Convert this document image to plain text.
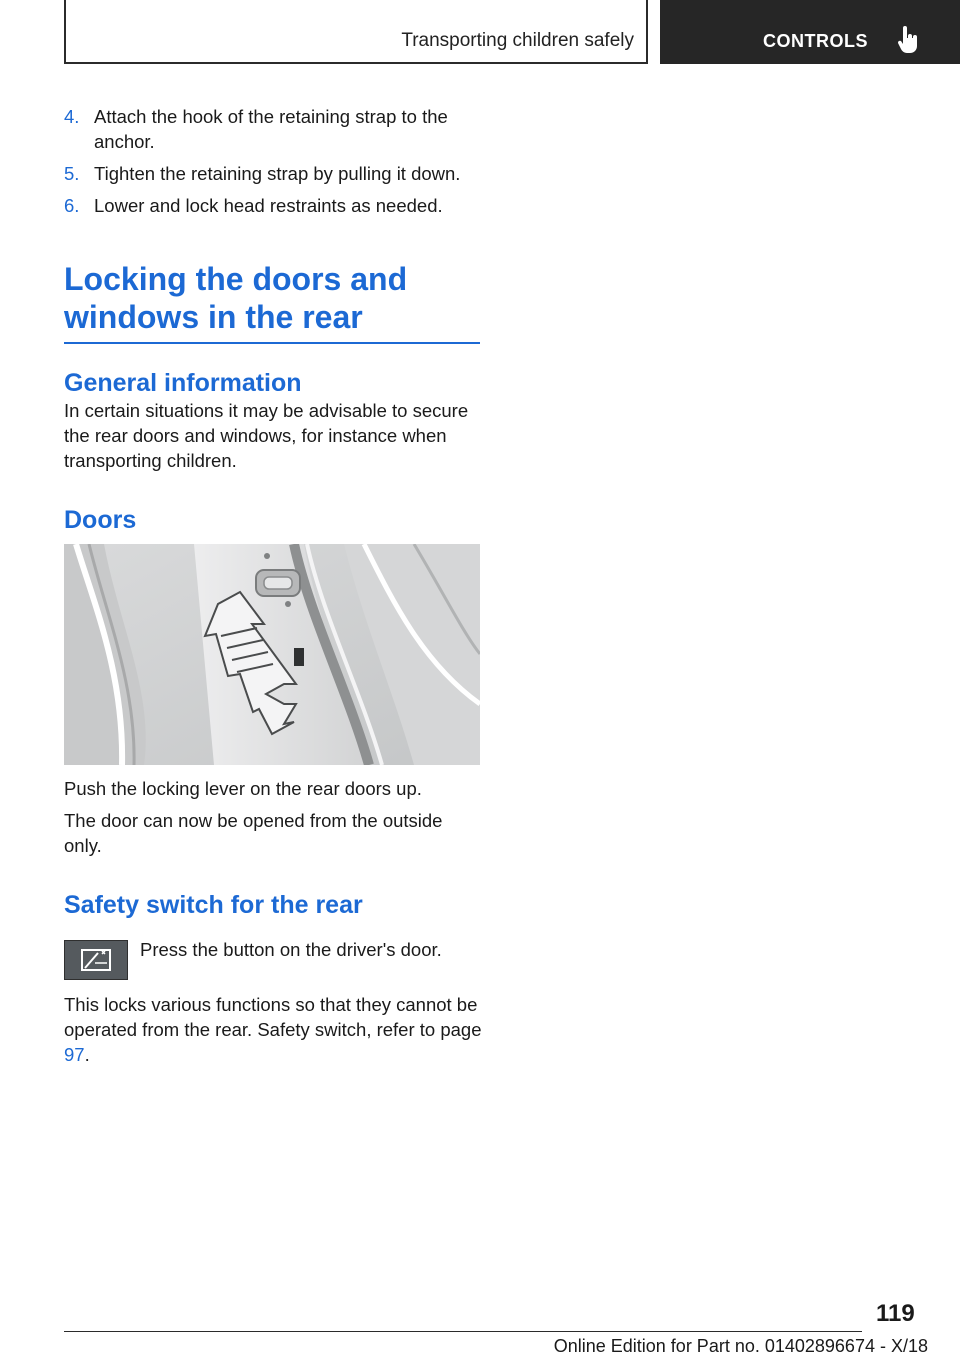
Transporting children safely	CONTROLS
4. Attach the hook of the retaining strap to the anchor.
5. Tighten the retaining strap by pulling it down.
6. Lower and lock head restraints as needed.
Locking the doors and windows in the rear
General information

In certain situations it may be advisable to secure the rear doors and windows, for instance when transporting children.

Doors

Push the locking lever on the rear doors up.

The door can now be opened from the outside only.

Safety switch for the rear
Press the button on the driver's door.

This locks various functions so that they cannot be operated from the rear. Safety switch, refer to page 97.

119
Online Edition for Part no. 01402896674 - X/18
